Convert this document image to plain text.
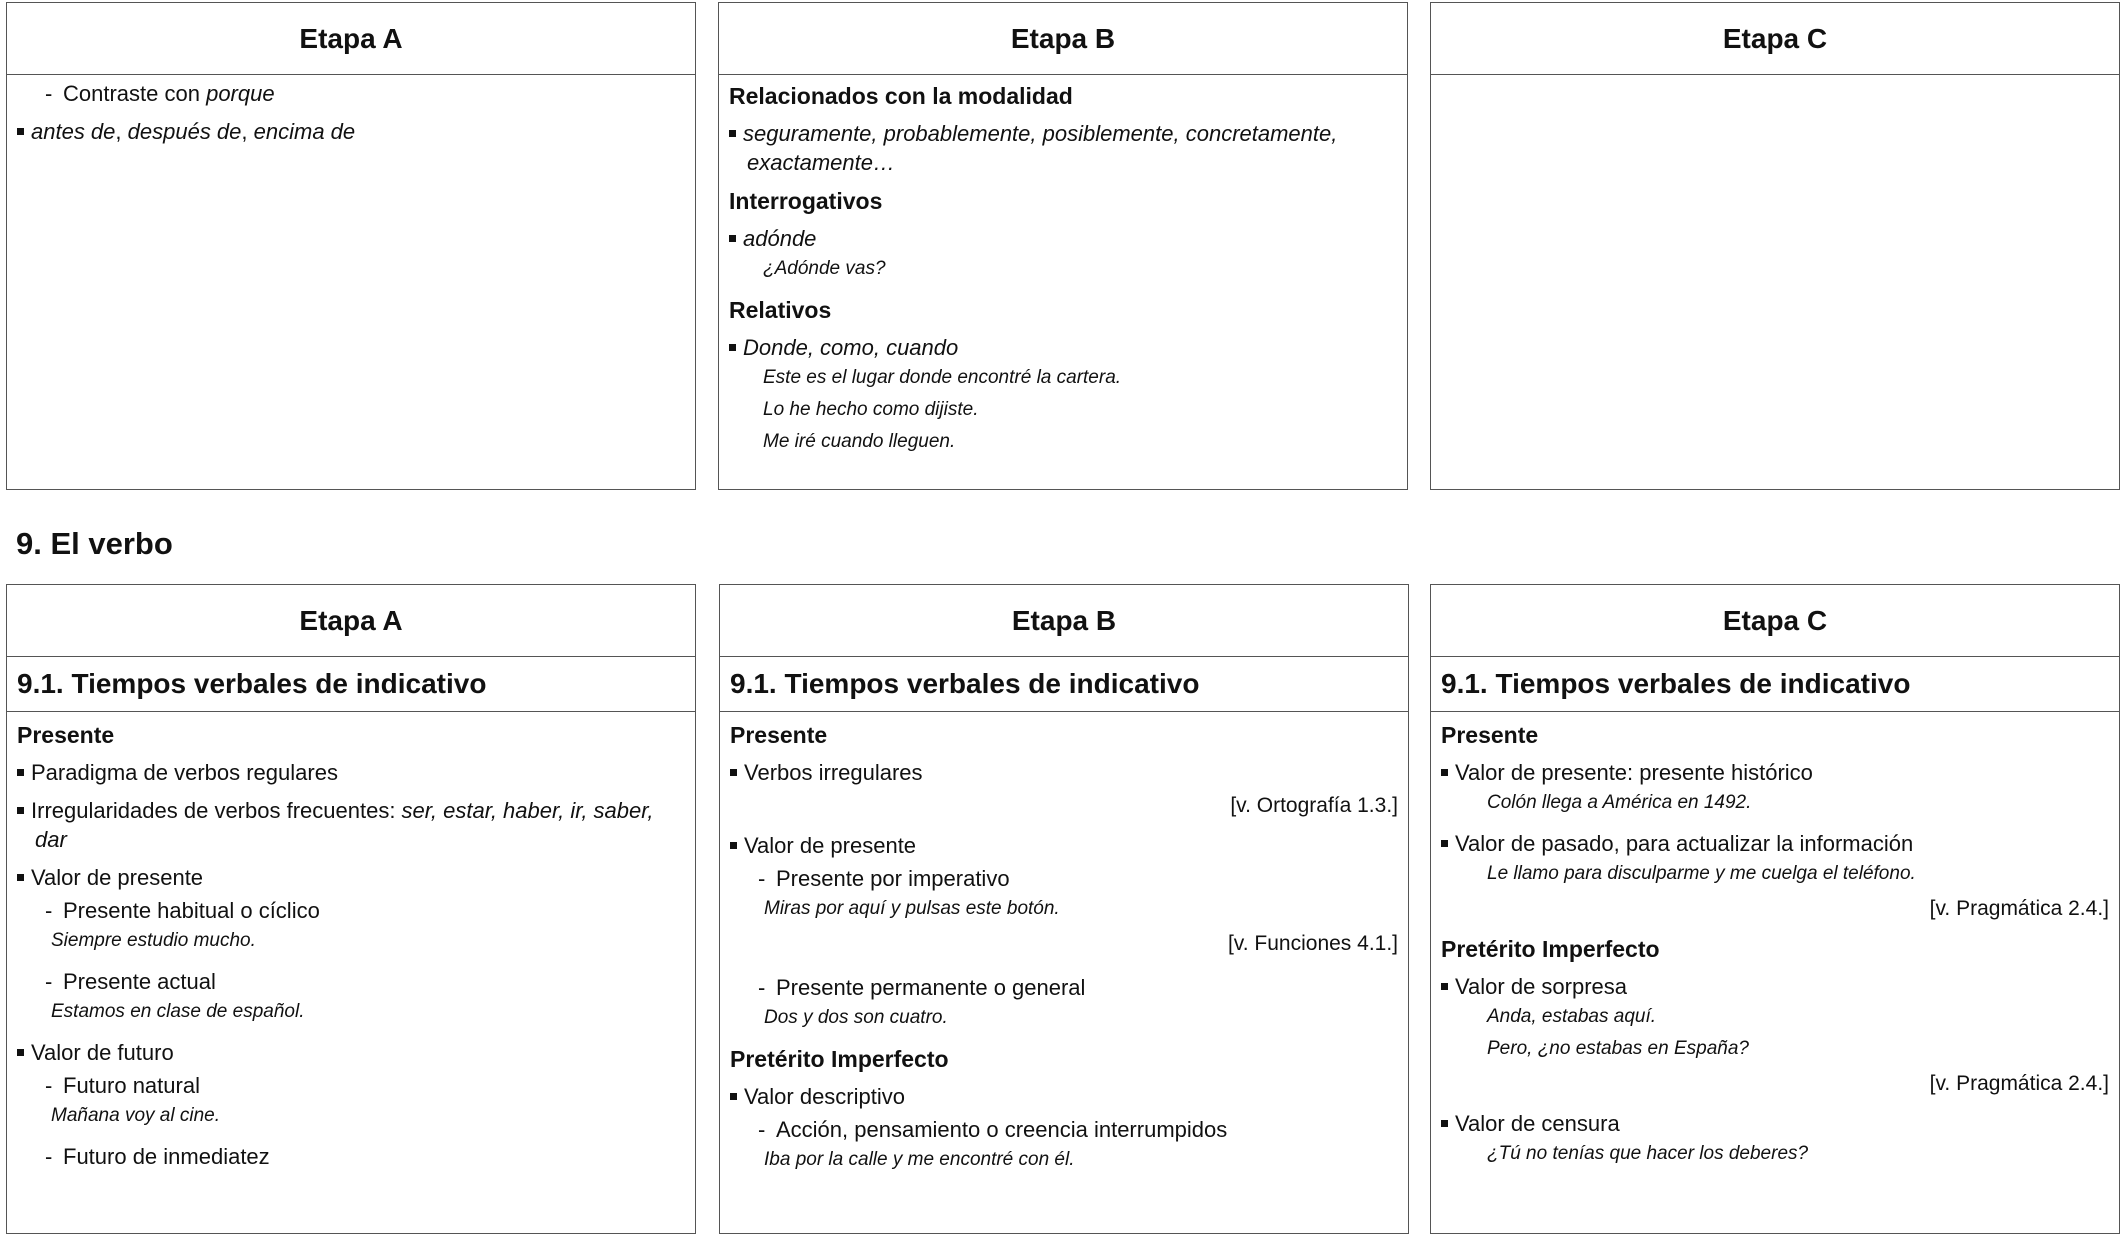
Etapa A
- Contraste con porque
antes de, después de, encima de
Etapa B
Relacionados con la modalidad
seguramente, probablemente, posiblemente, concretamente, exactamente…
Interrogativos
adónde
¿Adónde vas?
Relativos
Donde, como, cuando
Este es el lugar donde encontré la cartera.
Lo he hecho como dijiste.
Me iré cuando lleguen.
Etapa C
9. El verbo
Etapa A
9.1. Tiempos verbales de indicativo
Presente
Paradigma de verbos regulares
Irregularidades de verbos frecuentes: ser, estar, haber, ir, saber, dar
Valor de presente
- Presente habitual o cíclico
Siempre estudio mucho.
- Presente actual
Estamos en clase de español.
Valor de futuro
- Futuro natural
Mañana voy al cine.
- Futuro de inmediatez
Etapa B
9.1. Tiempos verbales de indicativo
Presente
Verbos irregulares
[v. Ortografía 1.3.]
Valor de presente
- Presente por imperativo
Miras por aquí y pulsas este botón.
[v. Funciones 4.1.]
- Presente permanente o general
Dos y dos son cuatro.
Pretérito Imperfecto
Valor descriptivo
- Acción, pensamiento o creencia interrumpidos
Iba por la calle y me encontré con él.
Etapa C
9.1. Tiempos verbales de indicativo
Presente
Valor de presente: presente histórico
Colón llega a América en 1492.
Valor de pasado, para actualizar la información
Le llamo para disculparme y me cuelga el teléfono.
[v. Pragmática 2.4.]
Pretérito Imperfecto
Valor de sorpresa
Anda, estabas aquí.
Pero, ¿no estabas en España?
[v. Pragmática 2.4.]
Valor de censura
¿Tú no tenías que hacer los deberes?
